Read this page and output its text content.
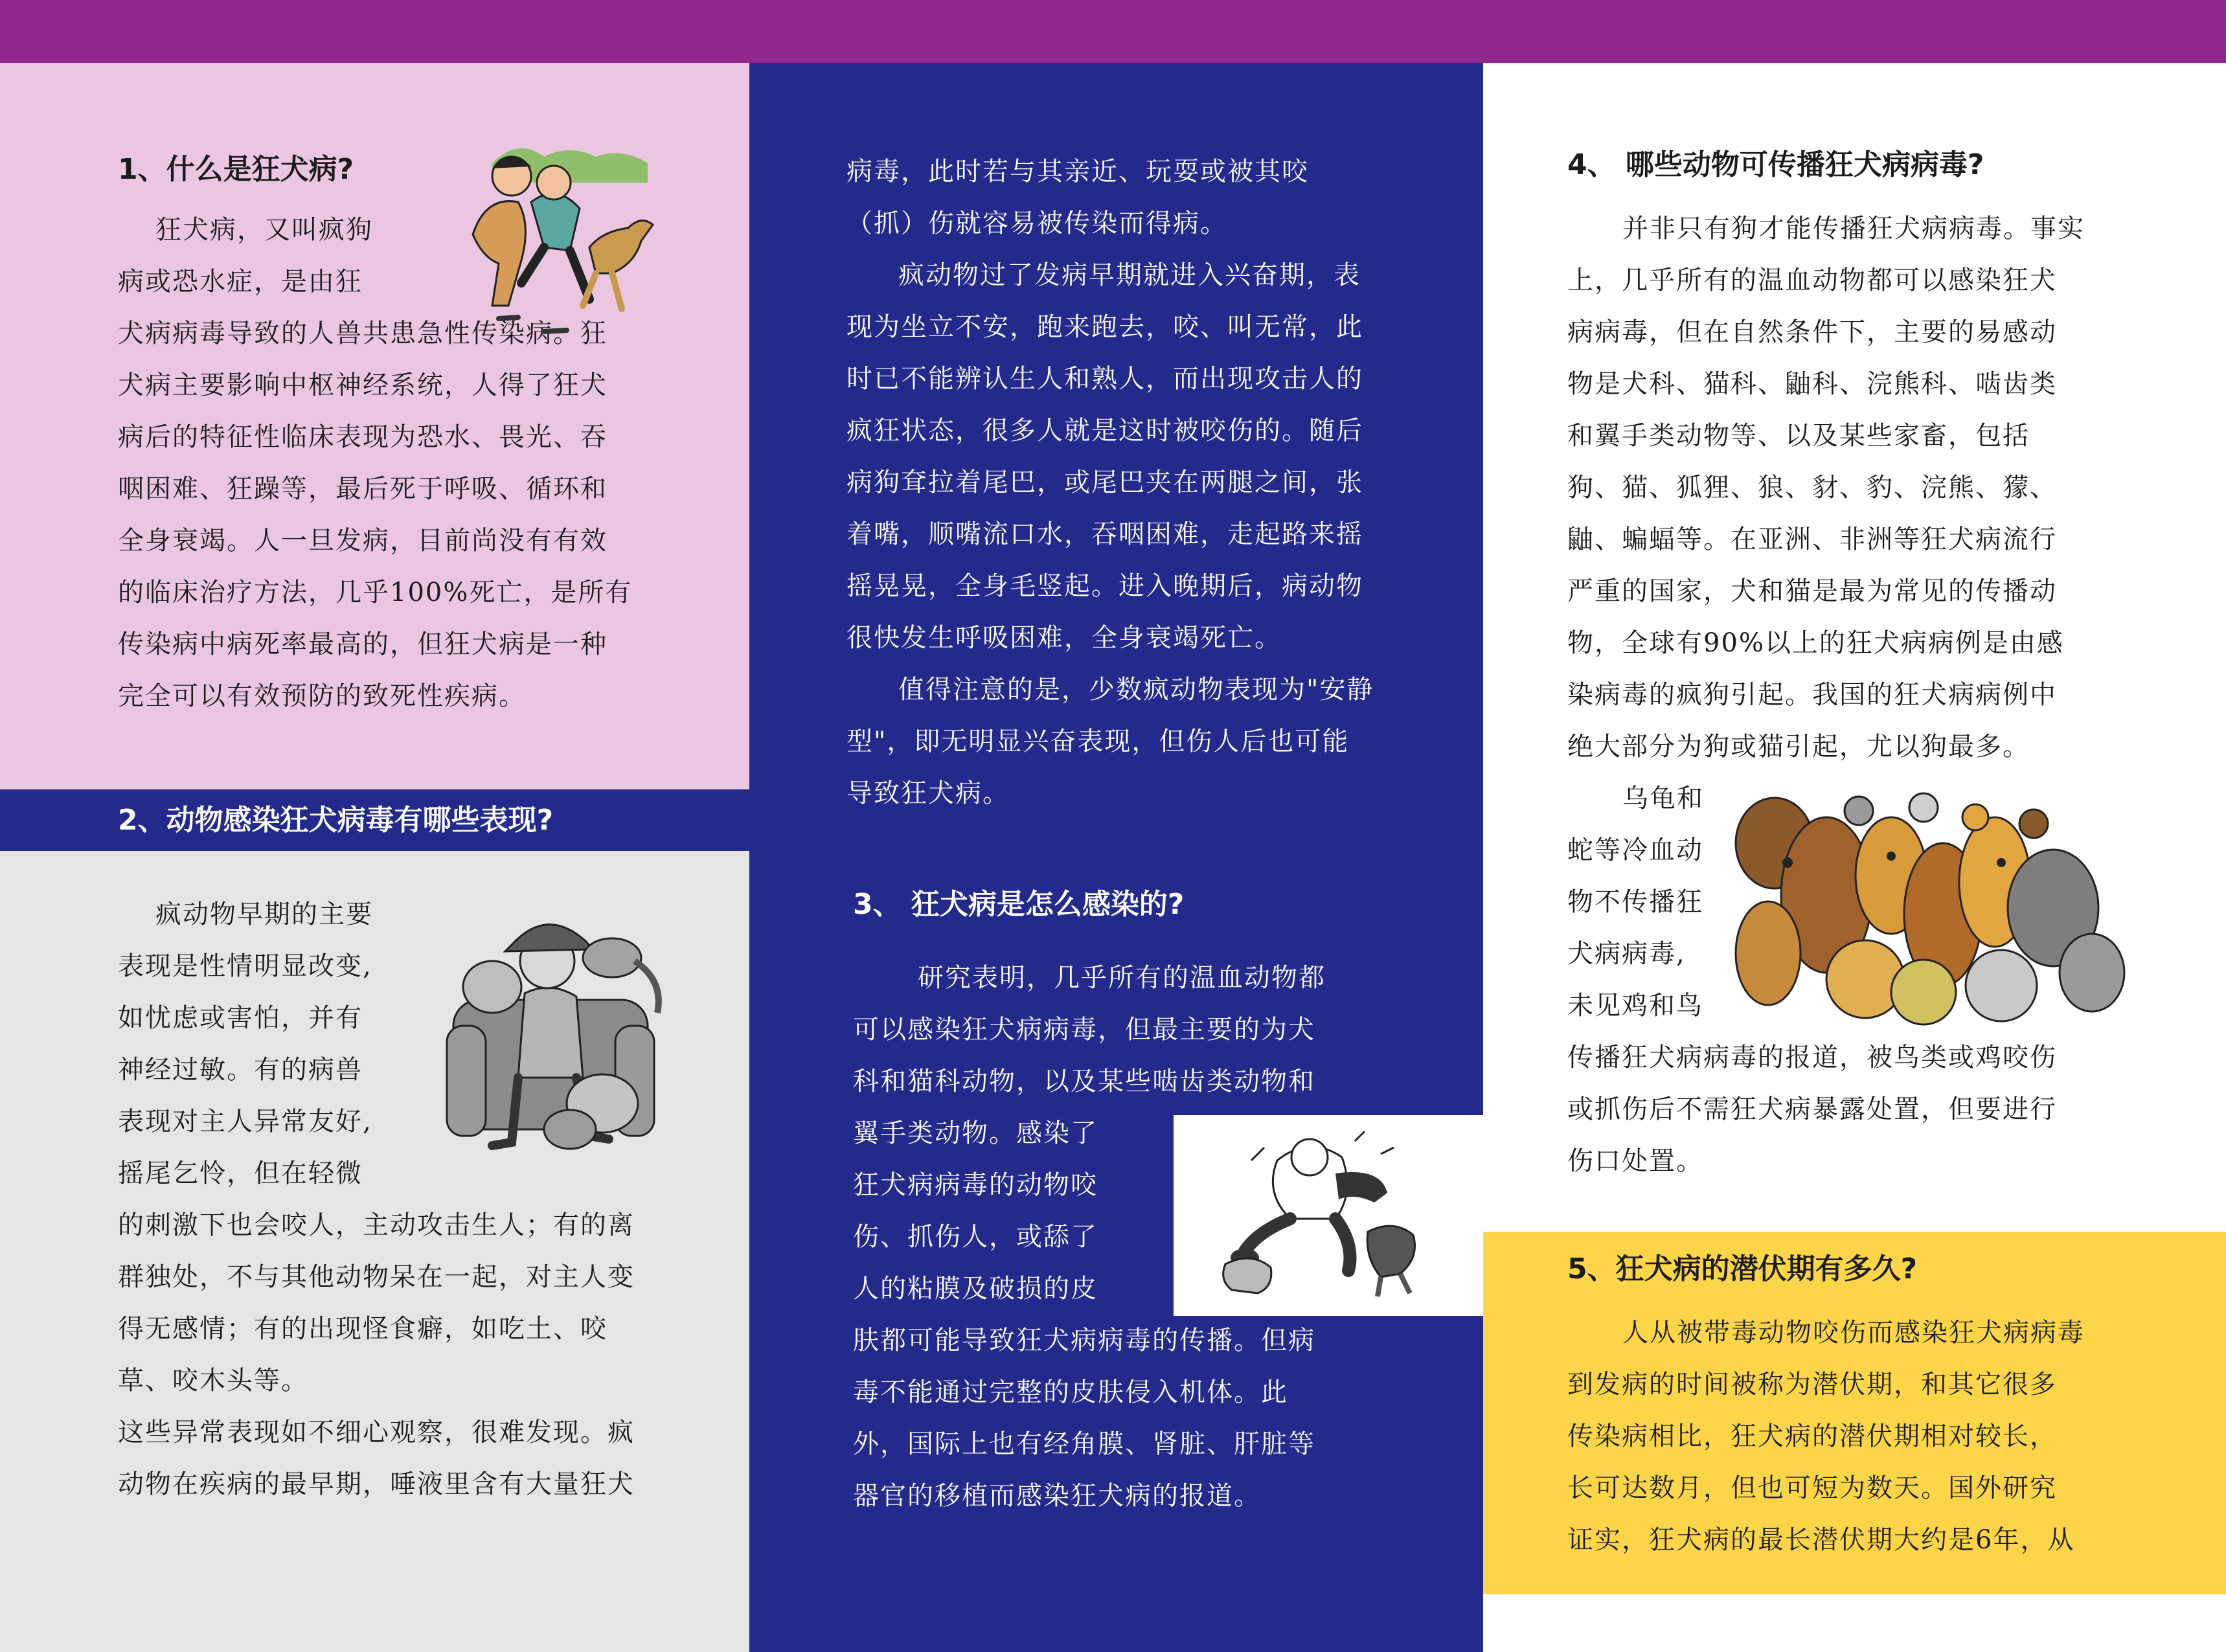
1、什么是狂犬病?
狂犬病，又叫疯狗
病或恐水症，是由狂
犬病病毒导致的人兽共患急性传染病。狂
犬病主要影响中枢神经系统，人得了狂犬
病后的特征性临床表现为恐水、畏光、吞
咽困难、狂躁等，最后死于呼吸、循环和
全身衰竭。人一旦发病，目前尚没有有效
的临床治疗方法，几乎100%死亡，是所有
传染病中病死率最高的，但狂犬病是一种
完全可以有效预防的致死性疾病。
2、动物感染狂犬病毒有哪些表现?
疯动物早期的主要
表现是性情明显改变,
如忧虑或害怕，并有
神经过敏。有的病兽
表现对主人异常友好,
摇尾乞怜，但在轻微
的刺激下也会咬人，主动攻击生人；有的离
群独处，不与其他动物呆在一起，对主人变
得无感情；有的出现怪食癖，如吃土、咬
草、咬木头等。
这些异常表现如不细心观察，很难发现。疯
动物在疾病的最早期，唾液里含有大量狂犬
病毒，此时若与其亲近、玩耍或被其咬
（抓）伤就容易被传染而得病。
疯动物过了发病早期就进入兴奋期，表
现为坐立不安，跑来跑去，咬、叫无常，此
时已不能辨认生人和熟人，而出现攻击人的
疯狂状态，很多人就是这时被咬伤的。随后
病狗耷拉着尾巴，或尾巴夹在两腿之间，张
着嘴，顺嘴流口水，吞咽困难，走起路来摇
摇晃晃，全身毛竖起。进入晚期后，病动物
很快发生呼吸困难，全身衰竭死亡。
值得注意的是，少数疯动物表现为"安静
型"，即无明显兴奋表现，但伤人后也可能
导致狂犬病。
3、 狂犬病是怎么感染的?
研究表明，几乎所有的温血动物都
可以感染狂犬病病毒，但最主要的为犬
科和猫科动物，以及某些啮齿类动物和
翼手类动物。感染了
狂犬病病毒的动物咬
伤、抓伤人，或舔了
人的粘膜及破损的皮
肤都可能导致狂犬病病毒的传播。但病
毒不能通过完整的皮肤侵入机体。此
外，国际上也有经角膜、肾脏、肝脏等
器官的移植而感染狂犬病的报道。
4、 哪些动物可传播狂犬病病毒?
并非只有狗才能传播狂犬病病毒。事实
上，几乎所有的温血动物都可以感染狂犬
病病毒，但在自然条件下，主要的易感动
物是犬科、猫科、鼬科、浣熊科、啮齿类
和翼手类动物等、以及某些家畜，包括
狗、猫、狐狸、狼、豺、豹、浣熊、獴、
鼬、蝙蝠等。在亚洲、非洲等狂犬病流行
严重的国家，犬和猫是最为常见的传播动
物，全球有90%以上的狂犬病病例是由感
染病毒的疯狗引起。我国的狂犬病病例中
绝大部分为狗或猫引起，尤以狗最多。
乌龟和
蛇等冷血动
物不传播狂
犬病病毒,
未见鸡和鸟
传播狂犬病病毒的报道，被鸟类或鸡咬伤
或抓伤后不需狂犬病暴露处置，但要进行
伤口处置。
5、狂犬病的潜伏期有多久?
人从被带毒动物咬伤而感染狂犬病病毒
到发病的时间被称为潜伏期，和其它很多
传染病相比，狂犬病的潜伏期相对较长，
长可达数月，但也可短为数天。国外研究
证实，狂犬病的最长潜伏期大约是6年，从
